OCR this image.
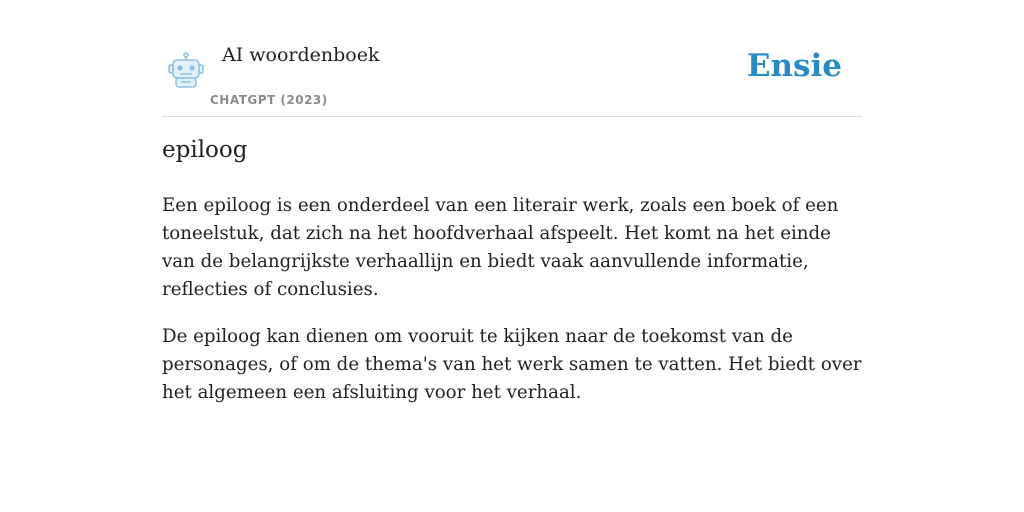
AI woordenboek
CHATGPT (2023)
Ensie
epiloog

Een epiloog is een onderdeel van een literair werk, zoals een boek of een toneelstuk, dat zich na het hoofdverhaal afspeelt. Het komt na het einde van de belangrijkste verhaallijn en biedt vaak aanvullende informatie, reflecties of conclusies.

De epiloog kan dienen om vooruit te kijken naar de toekomst van de personages, of om de thema's van het werk samen te vatten. Het biedt over het algemeen een afsluiting voor het verhaal.
